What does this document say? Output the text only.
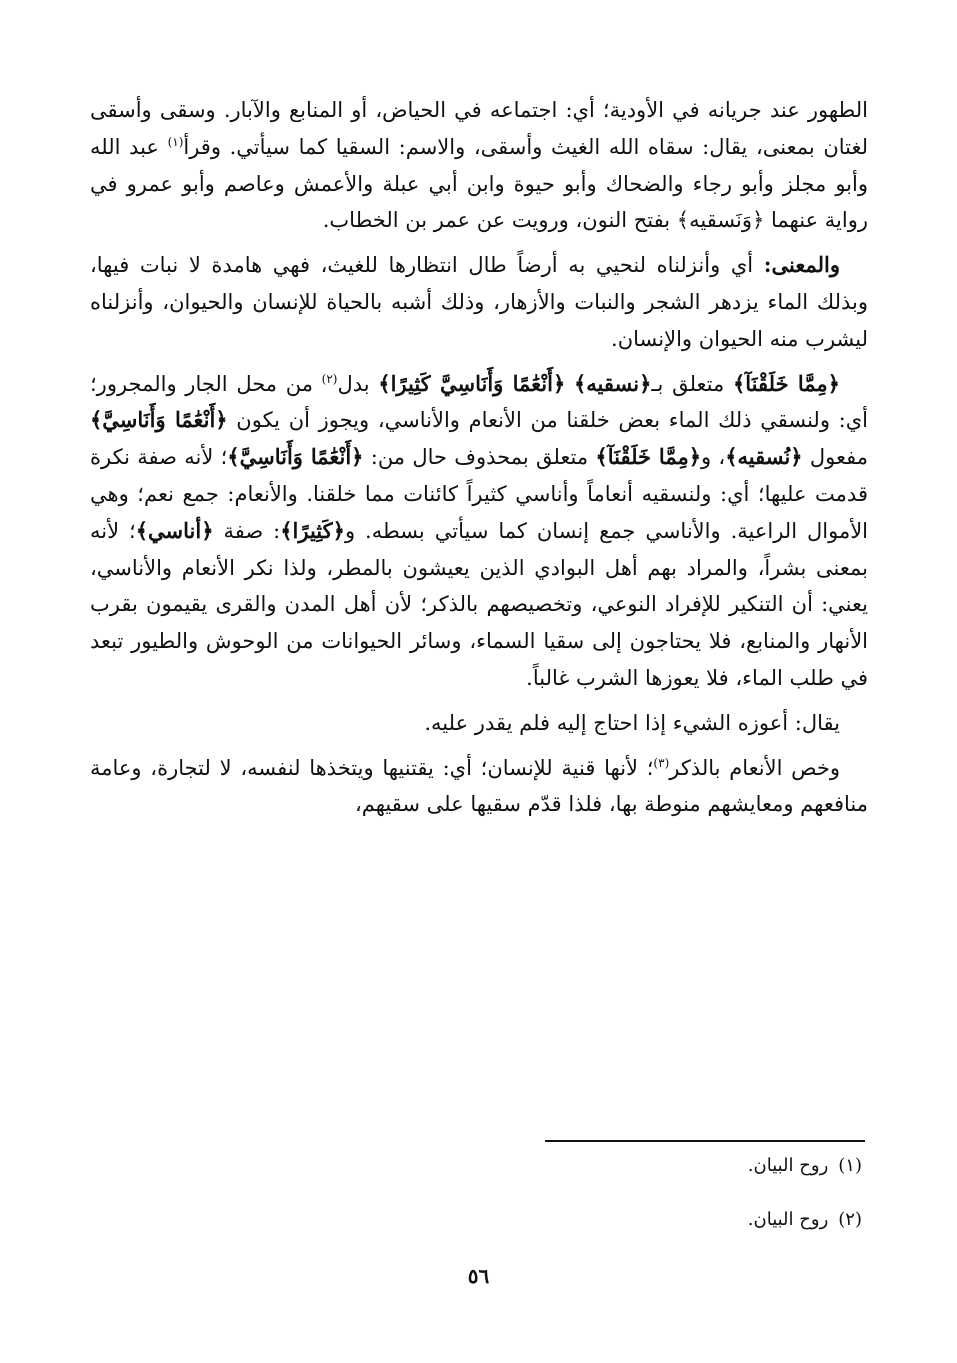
الطهور عند جريانه في الأودية؛ أي: اجتماعه في الحياض، أو المنابع والآبار. وسقى وأسقى لغتان بمعنى، يقال: سقاه الله الغيث وأسقى، والاسم: السقيا كما سيأتي. وقرأ$^{(١)}$ عبد الله وأبو مجلز وأبو رجاء والضحاك وأبو حيوة وابن أبي عبلة والأعمش وعاصم وأبو عمرو في رواية عنهما ﴿وَنَسقيه﴾ بفتح النون، ورويت عن عمر بن الخطاب.

والمعنى: أي وأنزلناه لنحيي به أرضاً طال انتظارها للغيث، فهي هامدة لا نبات فيها، وبذلك الماء يزدهر الشجر والنبات والأزهار، وذلك أشبه بالحياة للإنسان والحيوان، وأنزلناه ليشرب منه الحيوان والإنسان.

﴿مِمَّا خَلَقْنَآ﴾ متعلق بـ﴿نسقيه﴾ ﴿أَنْعَٰمًا وَأَنَاسِيَّ كَثِيرًا﴾ بدل$^{(٢)}$ من محل الجار والمجرور؛ أي: ولنسقي ذلك الماء بعض خلقنا من الأنعام والأناسي، ويجوز أن يكون ﴿أَنْعَٰمًا وَأَنَاسِيَّ﴾ مفعول ﴿نُسقيه﴾، و﴿مِمَّا خَلَقْنَآ﴾ متعلق بمحذوف حال من: ﴿أَنْعَٰمًا وَأَنَاسِيَّ﴾؛ لأنه صفة نكرة قدمت عليها؛ أي: ولنسقيه أنعاماً وأناسي كثيراً كائنات مما خلقنا. والأنعام: جمع نعم؛ وهي الأموال الراعية. والأناسي جمع إنسان كما سيأتي بسطه. و﴿كَثِيرًا﴾: صفة ﴿أناسي﴾؛ لأنه بمعنى بشراً، والمراد بهم أهل البوادي الذين يعيشون بالمطر، ولذا نكر الأنعام والأناسي، يعني: أن التنكير للإفراد النوعي، وتخصيصهم بالذكر؛ لأن أهل المدن والقرى يقيمون بقرب الأنهار والمنابع، فلا يحتاجون إلى سقيا السماء، وسائر الحيوانات من الوحوش والطيور تبعد في طلب الماء، فلا يعوزها الشرب غالباً.

يقال: أعوزه الشيء إذا احتاج إليه فلم يقدر عليه.

وخص الأنعام بالذكر$^{(٣)}$؛ لأنها قنية للإنسان؛ أي: يقتنيها ويتخذها لنفسه، لا لتجارة، وعامة منافعهم ومعايشهم منوطة بها، فلذا قدّم سقيها على سقيهم،

(١)روح البيان.

(٢)روح البيان.

٥٦
